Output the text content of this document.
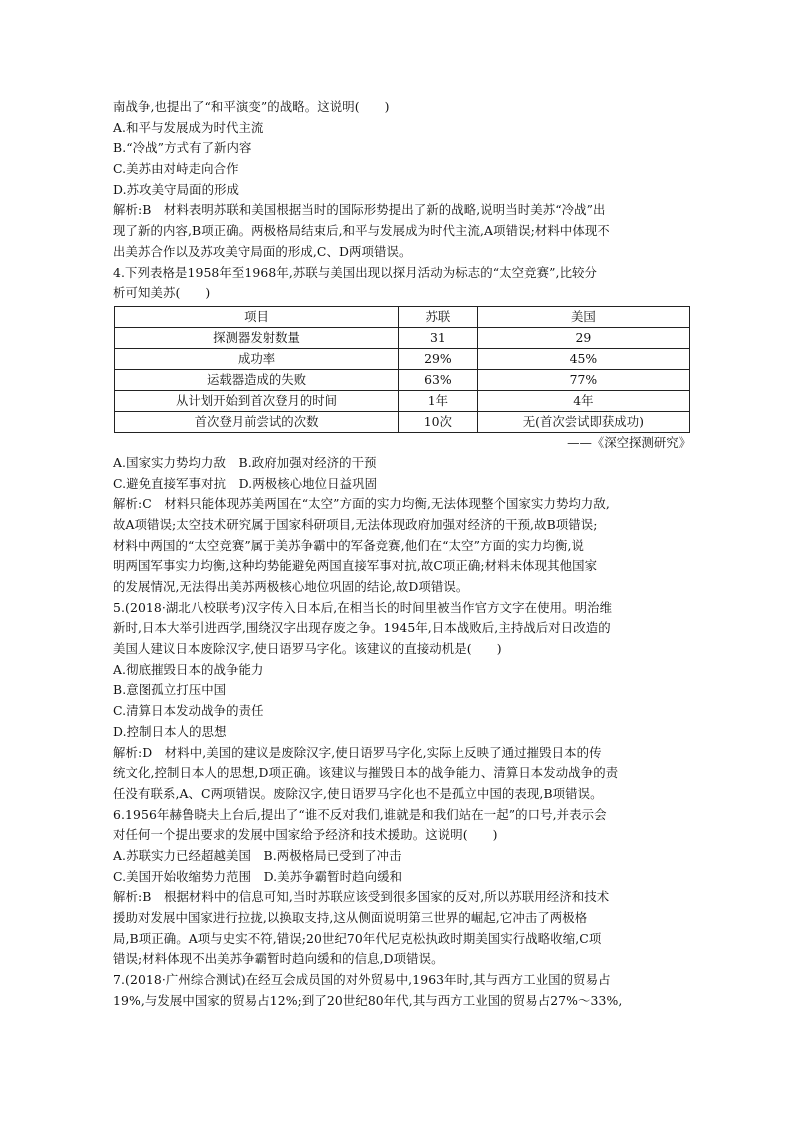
南战争,也提出了“和平演变”的战略。这说明(　　)
A.和平与发展成为时代主流
B.“冷战”方式有了新内容
C.美苏由对峙走向合作
D.苏攻美守局面的形成
解析:B　材料表明苏联和美国根据当时的国际形势提出了新的战略,说明当时美苏“冷战”出
现了新的内容,B项正确。两极格局结束后,和平与发展成为时代主流,A项错误;材料中体现不
出美苏合作以及苏攻美守局面的形成,C、D两项错误。
4.下列表格是1958年至1968年,苏联与美国出现以探月活动为标志的“太空竞赛”,比较分
析可知美苏(　　)
项目	苏联	美国
探测器发射数量	31	29
成功率	29%	45%
运载器造成的失败	63%	77%
从计划开始到首次登月的时间	1年	4年
首次登月前尝试的次数	10次	无(首次尝试即获成功)
——《深空探测研究》
A.国家实力势均力敌　B.政府加强对经济的干预
C.避免直接军事对抗　D.两极核心地位日益巩固
解析:C　材料只能体现苏美两国在“太空”方面的实力均衡,无法体现整个国家实力势均力敌,
故A项错误;太空技术研究属于国家科研项目,无法体现政府加强对经济的干预,故B项错误;
材料中两国的“太空竞赛”属于美苏争霸中的军备竞赛,他们在“太空”方面的实力均衡,说
明两国军事实力均衡,这种均势能避免两国直接军事对抗,故C项正确;材料未体现其他国家
的发展情况,无法得出美苏两极核心地位巩固的结论,故D项错误。
5.(2018·湖北八校联考)汉字传入日本后,在相当长的时间里被当作官方文字在使用。明治维
新时,日本大举引进西学,围绕汉字出现存废之争。1945年,日本战败后,主持战后对日改造的
美国人建议日本废除汉字,使日语罗马字化。该建议的直接动机是(　　)
A.彻底摧毁日本的战争能力
B.意图孤立打压中国
C.清算日本发动战争的责任
D.控制日本人的思想
解析:D　材料中,美国的建议是废除汉字,使日语罗马字化,实际上反映了通过摧毁日本的传
统文化,控制日本人的思想,D项正确。该建议与摧毁日本的战争能力、清算日本发动战争的责
任没有联系,A、C两项错误。废除汉字,使日语罗马字化也不是孤立中国的表现,B项错误。
6.1956年赫鲁晓夫上台后,提出了“谁不反对我们,谁就是和我们站在一起”的口号,并表示会
对任何一个提出要求的发展中国家给予经济和技术援助。这说明(　　)
A.苏联实力已经超越美国　B.两极格局已受到了冲击
C.美国开始收缩势力范围　D.美苏争霸暂时趋向缓和
解析:B　根据材料中的信息可知,当时苏联应该受到很多国家的反对,所以苏联用经济和技术
援助对发展中国家进行拉拢,以换取支持,这从侧面说明第三世界的崛起,它冲击了两极格
局,B项正确。A项与史实不符,错误;20世纪70年代尼克松执政时期美国实行战略收缩,C项
错误;材料体现不出美苏争霸暂时趋向缓和的信息,D项错误。
7.(2018·广州综合测试)在经互会成员国的对外贸易中,1963年时,其与西方工业国的贸易占
19%,与发展中国家的贸易占12%;到了20世纪80年代,其与西方工业国的贸易占27%～33%,
